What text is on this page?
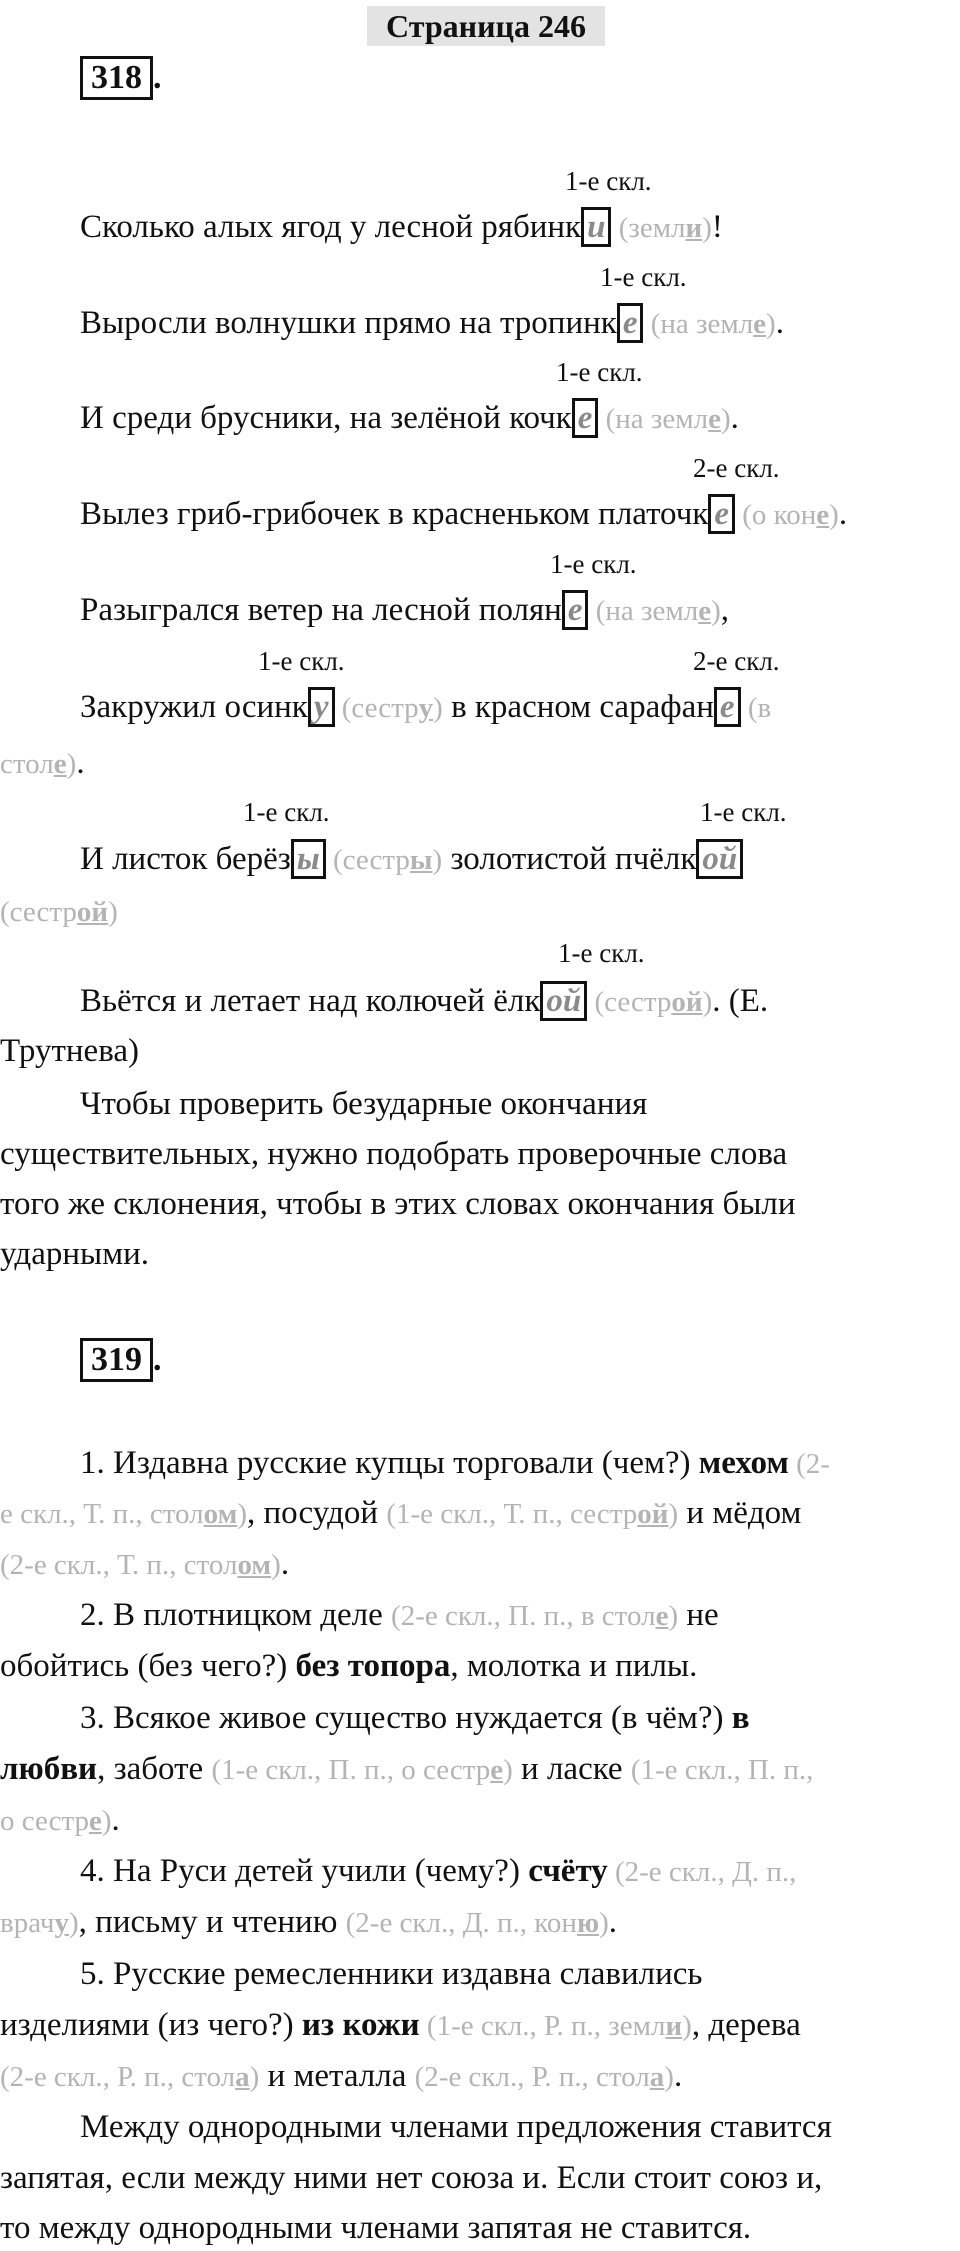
Страница 246
318 .
1-е скл.
Сколько алых ягод у лесной рябинк и (земли)!
1-е скл.
Выросли волнушки прямо на тропинк е (на земле).
1-е скл.
И среди брусники, на зелёной кочк е (на земле).
2-е скл.
Вылез гриб-грибочек в красненьком платочк е (о коне).
1-е скл.
Разыгрался ветер на лесной полян е (на земле),
1-е скл.	2-е скл.
Закружил осинк у (сестру) в красном сарафан е (в
столе).
1-е скл.	1-е скл.
И листок берёз ы (сестры) золотистой пчёлк ой
(сестрой)
1-е скл.
Вьётся и летает над колючей ёлк ой (сестрой). (Е.
Трутнева)
Чтобы проверить безударные окончания
существительных, нужно подобрать проверочные слова
того же склонения, чтобы в этих словах окончания были
ударными.
319 .
1. Издавна русские купцы торговали (чем?) мехом (2-
е скл., Т. п., столом), посудой (1-е скл., Т. п., сестрой) и мёдом
(2-е скл., Т. п., столом).
2. В плотницком деле (2-е скл., П. п., в столе) не
обойтись (без чего?) без топора, молотка и пилы.
3. Всякое живое существо нуждается (в чём?) в
любви, заботе (1-е скл., П. п., о сестре) и ласке (1-е скл., П. п.,
о сестре).
4. На Руси детей учили (чему?) счёту (2-е скл., Д. п.,
врачу), письму и чтению (2-е скл., Д. п., коню).
5. Русские ремесленники издавна славились
изделиями (из чего?) из кожи (1-е скл., Р. п., земли), дерева
(2-е скл., Р. п., стола) и металла (2-е скл., Р. п., стола).
Между однородными членами предложения ставится
запятая, если между ними нет союза и. Если стоит союз и,
то между однородными членами запятая не ставится.
